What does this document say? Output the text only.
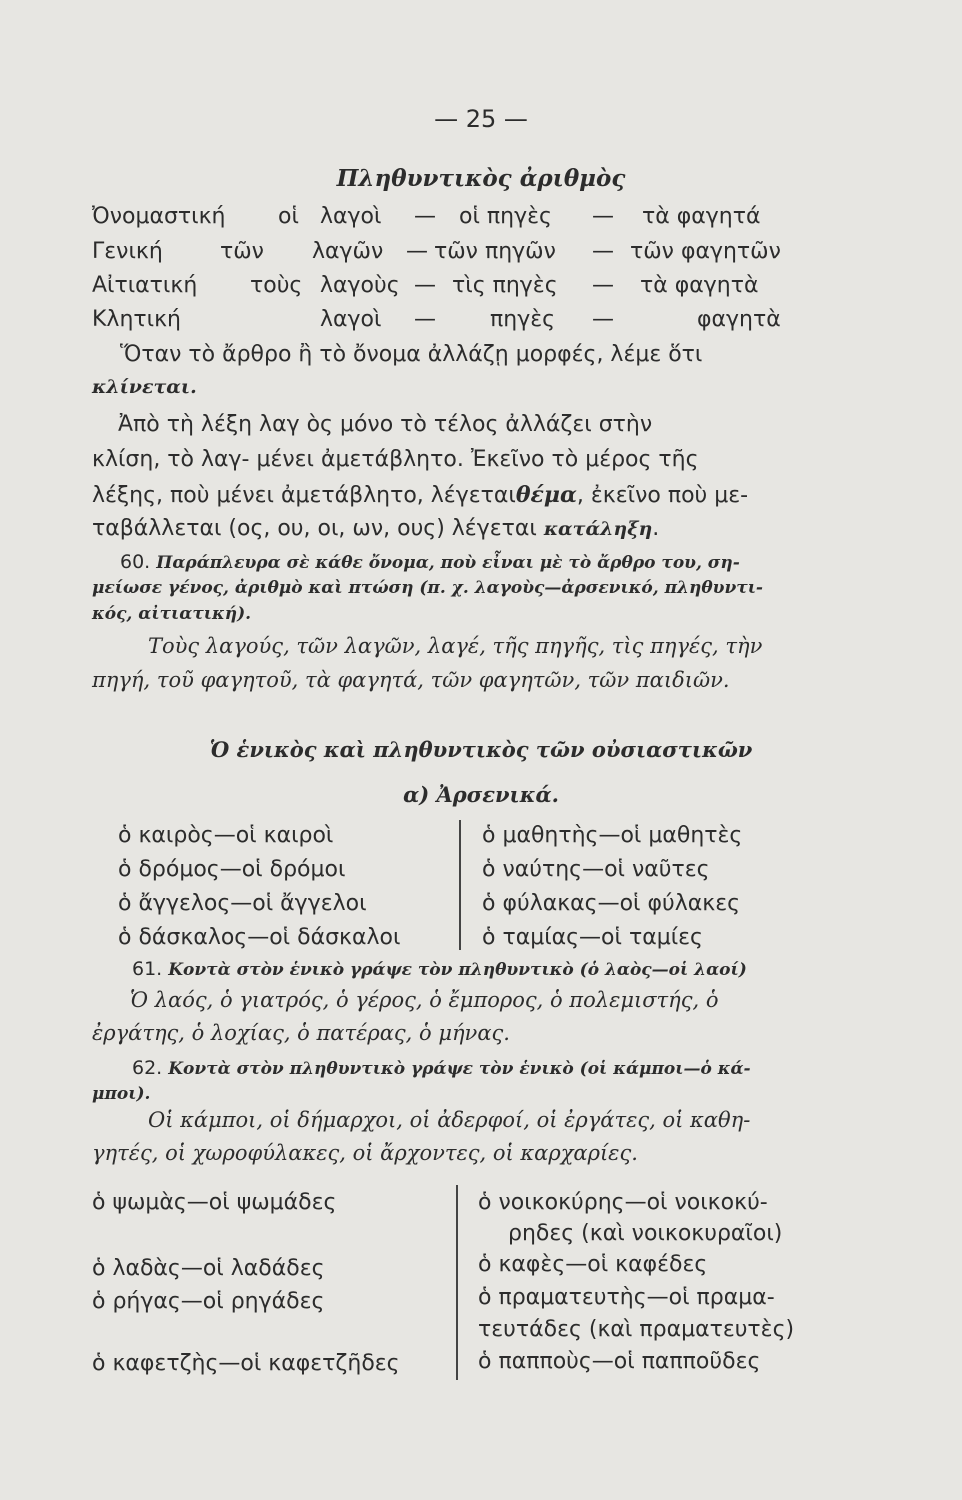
— 25 —
Πληθυντικὸς ἀριθμὸς
Ὀνομαστική οἱ λαγοὶ — οἱ πηγὲς — τὰ φαγητά
Γενική	τῶν λαγῶν — τῶν πηγῶν — τῶν φαγητῶν
Αἰτιατική τοὺς λαγοὺς — τὶς πηγὲς — τὰ φαγητὰ
Κλητική	λαγοὶ — πηγὲς —	φαγητὰ
Ὅταν τὸ ἄρθρο ἢ τὸ ὄνομα ἀλλάζῃ μορφές, λέμε ὅτι
κλίνεται.
Ἀπὸ τὴ λέξη λαγ ὸς μόνο τὸ τέλος ἀλλάζει στὴν
κλίση, τὸ λαγ- μένει ἀμετάβλητο. Ἐκεῖνο τὸ μέρος τῆς
λέξης, ποὺ μένει ἀμετάβλητο, λέγεταιθέμα, ἐκεῖνο ποὺ με-
ταβάλλεται (ος, ου, οι, ων, ους) λέγεται κατάληξη.
60. Παράπλευρα σὲ κάθε ὄνομα, ποὺ εἶναι μὲ τὸ ἄρθρο του, ση-
μείωσε γένος, ἀριθμὸ καὶ πτώση (π. χ. λαγοὺς—ἀρσενικό, πληθυντι-
κός, αἰτιατική).
Τοὺς λαγούς, τῶν λαγῶν, λαγέ, τῆς πηγῆς, τὶς πηγές, τὴν
πηγή, τοῦ φαγητοῦ, τὰ φαγητά, τῶν φαγητῶν, τῶν παιδιῶν.
Ὁ ἑνικὸς καὶ πληθυντικὸς τῶν οὐσιαστικῶν
α) Ἀρσενικά.
ὁ καιρὸς—οἱ καιροὶ
ὁ δρόμος—οἱ δρόμοι
ὁ ἄγγελος—οἱ ἄγγελοι
ὁ δάσκαλος—οἱ δάσκαλοι
ὁ μαθητὴς—οἱ μαθητὲς
ὁ ναύτης—οἱ ναῦτες
ὁ φύλακας—οἱ φύλακες
ὁ ταμίας—οἱ ταμίες
61. Κοντὰ στὸν ἑνικὸ γράψε τὸν πληθυντικὸ (ὁ λαὸς—οἱ λαοί)
Ὁ λαός, ὁ γιατρός, ὁ γέρος, ὁ ἔμπορος, ὁ πολεμιστής, ὁ
ἐργάτης, ὁ λοχίας, ὁ πατέρας, ὁ μήνας.
62. Κοντὰ στὸν πληθυντικὸ γράψε τὸν ἑνικὸ (οἱ κάμποι—ὁ κά-
μποι).
Οἱ κάμποι, οἱ δήμαρχοι, οἱ ἀδερφοί, οἱ ἐργάτες, οἱ καθη-
γητές, οἱ χωροφύλακες, οἱ ἄρχοντες, οἱ καρχαρίες.
ὁ ψωμὰς—οἱ ψωμάδες
ὁ λαδὰς—οἱ λαδάδες
ὁ ρήγας—οἱ ρηγάδες
ὁ καφετζὴς—οἱ καφετζῆδες
ὁ νοικοκύρης—οἱ νοικοκύ-
ρηδες (καὶ νοικοκυραῖοι)
ὁ καφὲς—οἱ καφέδες
ὁ πραματευτὴς—οἱ πραμα-
τευτάδες (καὶ πραματευτὲς)
ὁ παπποὺς—οἱ παπποῦδες
